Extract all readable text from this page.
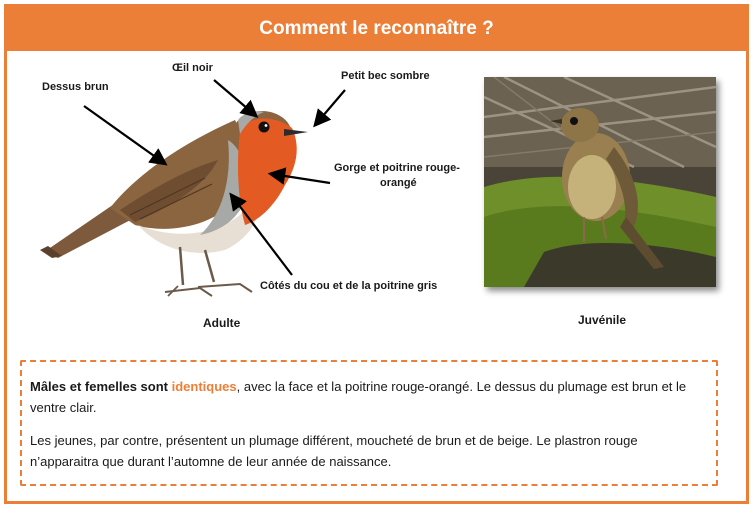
Comment le reconnaître ?
Dessus brun
Œil noir
Petit bec sombre
Gorge et poitrine rouge-
orangé
Côtés du cou et de la poitrine gris
Adulte	Juvénile

Mâles et femelles sont identiques, avec la face et la poitrine rouge-orangé. Le dessus du plumage est brun et le ventre clair.

Les jeunes, par contre, présentent un plumage différent, moucheté de brun et de beige. Le plastron rouge n’apparaitra que durant l’automne de leur année de naissance.
